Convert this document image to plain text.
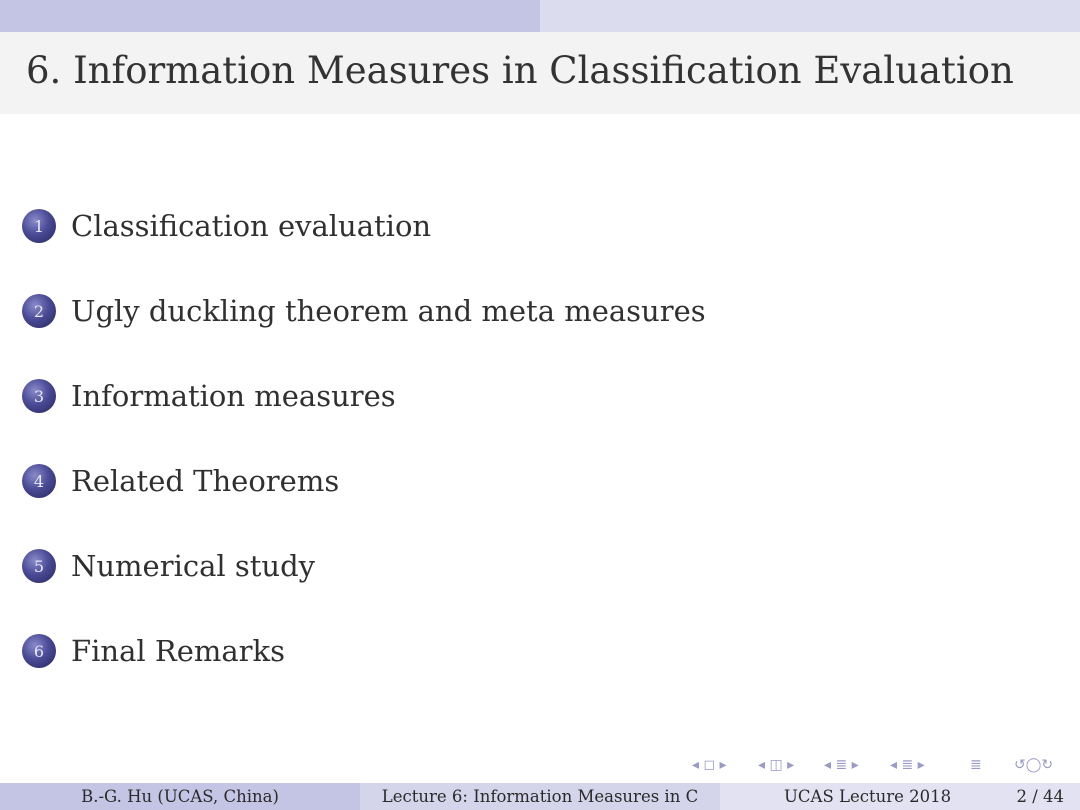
6. Information Measures in Classification Evaluation
1 Classification evaluation
2 Ugly duckling theorem and meta measures
3 Information measures
4 Related Theorems
5 Numerical study
6 Final Remarks
◂ ◻ ▸ ◂ ◫ ▸ ◂ ≣ ▸ ◂ ≣ ▸	≣ ↺◯↻
B.-G. Hu (UCAS, China)	Lecture 6: Information Measures in C	UCAS Lecture 2018	2 / 44
